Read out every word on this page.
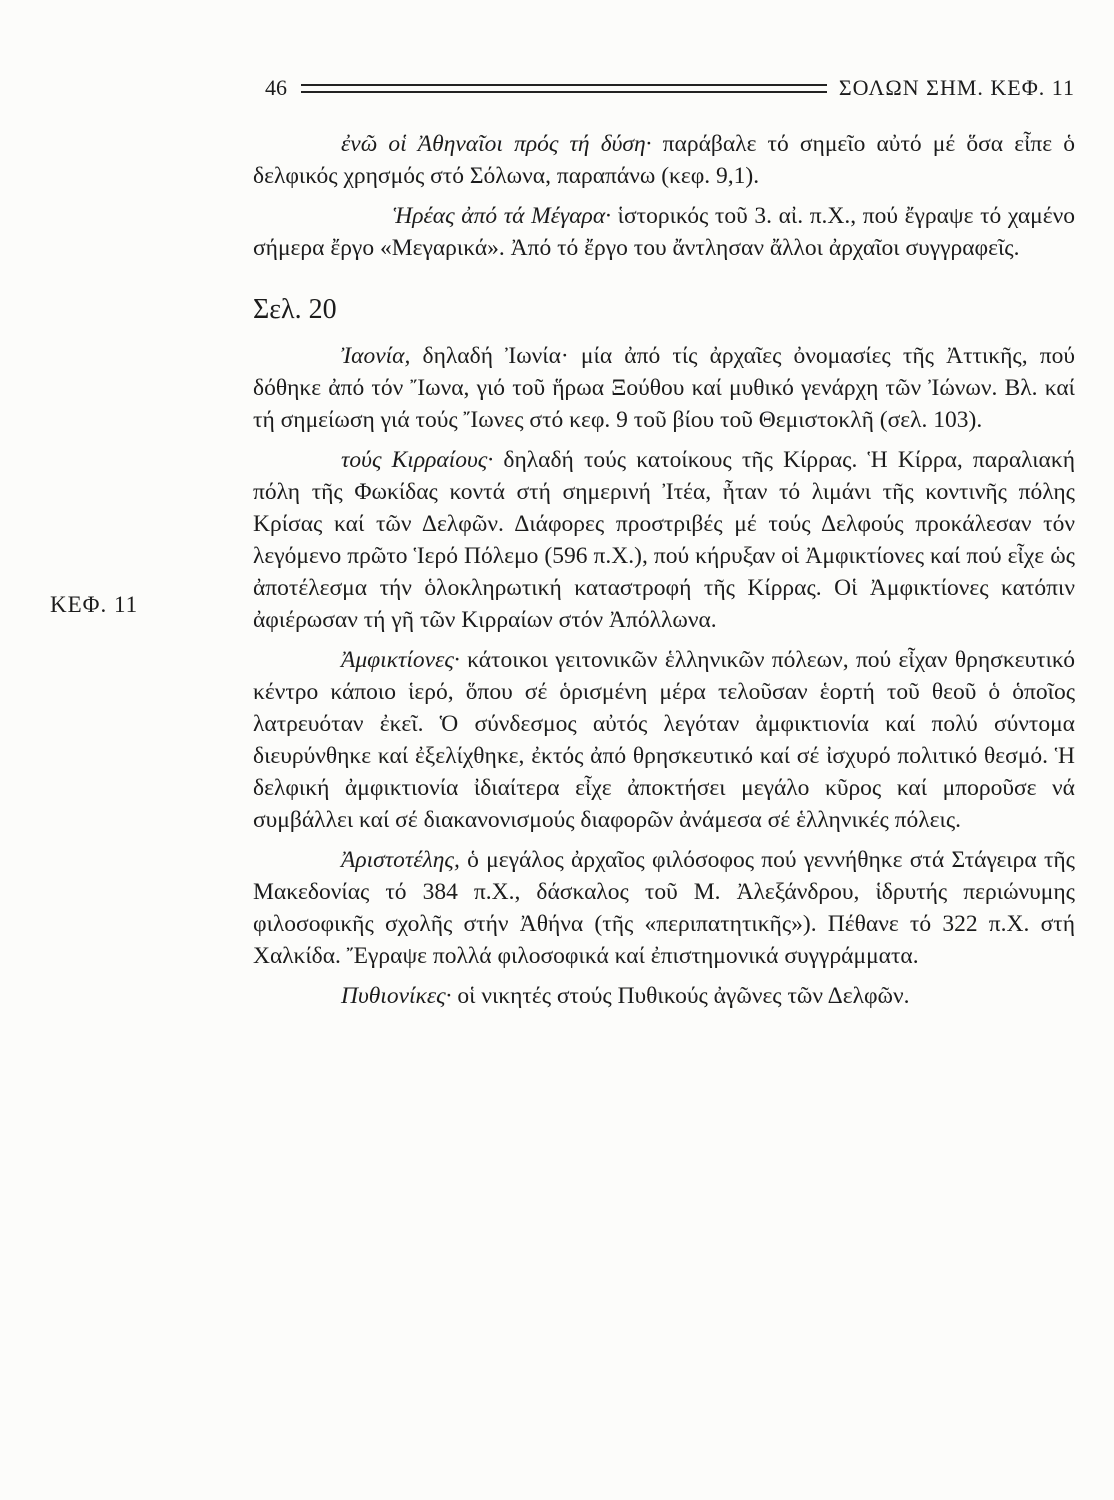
46	ΣΟΛΩΝ ΣΗΜ. ΚΕΦ. 11
ΚΕΦ. 11

ἐνῶ οἱ Ἀθηναῖοι πρός τή δύση· παράβαλε τό σημεῖο αὐτό μέ ὅσα εἶπε ὁ δελφικός χρησμός στό Σόλωνα, παραπάνω (κεφ. 9,1).

Ἡρέας ἀπό τά Μέγαρα· ἱστορικός τοῦ 3. αἰ. π.Χ., πού ἔγραψε τό χαμένο σήμερα ἔργο «Μεγαρικά». Ἀπό τό ἔργο του ἄντλησαν ἄλλοι ἀρχαῖοι συγγραφεῖς.

Σελ. 20

Ἰαονία, δηλαδή Ἰωνία· μία ἀπό τίς ἀρχαῖες ὀνομασίες τῆς Ἀττικῆς, πού δόθηκε ἀπό τόν Ἴωνα, γιό τοῦ ἥρωα Ξούθου καί μυθικό γενάρχη τῶν Ἰώνων. Βλ. καί τή σημείωση γιά τούς Ἴωνες στό κεφ. 9 τοῦ βίου τοῦ Θεμιστοκλῆ (σελ. 103).

τούς Κιρραίους· δηλαδή τούς κατοίκους τῆς Κίρρας. Ἡ Κίρρα, παραλιακή πόλη τῆς Φωκίδας κοντά στή σημερινή Ἰτέα, ἦταν τό λιμάνι τῆς κοντινῆς πόλης Κρίσας καί τῶν Δελφῶν. Διάφορες προστριβές μέ τούς Δελφούς προκάλεσαν τόν λεγόμενο πρῶτο Ἱερό Πόλεμο (596 π.Χ.), πού κήρυξαν οἱ Ἀμφικτίονες καί πού εἶχε ὡς ἀποτέλεσμα τήν ὁλοκληρωτική καταστροφή τῆς Κίρρας. Οἱ Ἀμφικτίονες κατόπιν ἀφιέρωσαν τή γῆ τῶν Κιρραίων στόν Ἀπόλλωνα.

Ἀμφικτίονες· κάτοικοι γειτονικῶν ἑλληνικῶν πόλεων, πού εἶχαν θρησκευτικό κέντρο κάποιο ἱερό, ὅπου σέ ὁρισμένη μέρα τελοῦσαν ἑορτή τοῦ θεοῦ ὁ ὁποῖος λατρευόταν ἐκεῖ. Ὁ σύνδεσμος αὐτός λεγόταν ἀμφικτιονία καί πολύ σύντομα διευρύνθηκε καί ἐξελίχθηκε, ἐκτός ἀπό θρησκευτικό καί σέ ἰσχυρό πολιτικό θεσμό. Ἡ δελφική ἀμφικτιονία ἰδιαίτερα εἶχε ἀποκτήσει μεγάλο κῦρος καί μποροῦσε νά συμβάλλει καί σέ διακανονισμούς διαφορῶν ἀνάμεσα σέ ἑλληνικές πόλεις.

Ἀριστοτέλης, ὁ μεγάλος ἀρχαῖος φιλόσοφος πού γεννήθηκε στά Στάγειρα τῆς Μακεδονίας τό 384 π.Χ., δάσκαλος τοῦ Μ. Ἀλεξάνδρου, ἱδρυτής περιώνυμης φιλοσοφικῆς σχολῆς στήν Ἀθήνα (τῆς «περιπατητικῆς»). Πέθανε τό 322 π.Χ. στή Χαλκίδα. Ἔγραψε πολλά φιλοσοφικά καί ἐπιστημονικά συγγράμματα.

Πυθιονίκες· οἱ νικητές στούς Πυθικούς ἀγῶνες τῶν Δελφῶν.
